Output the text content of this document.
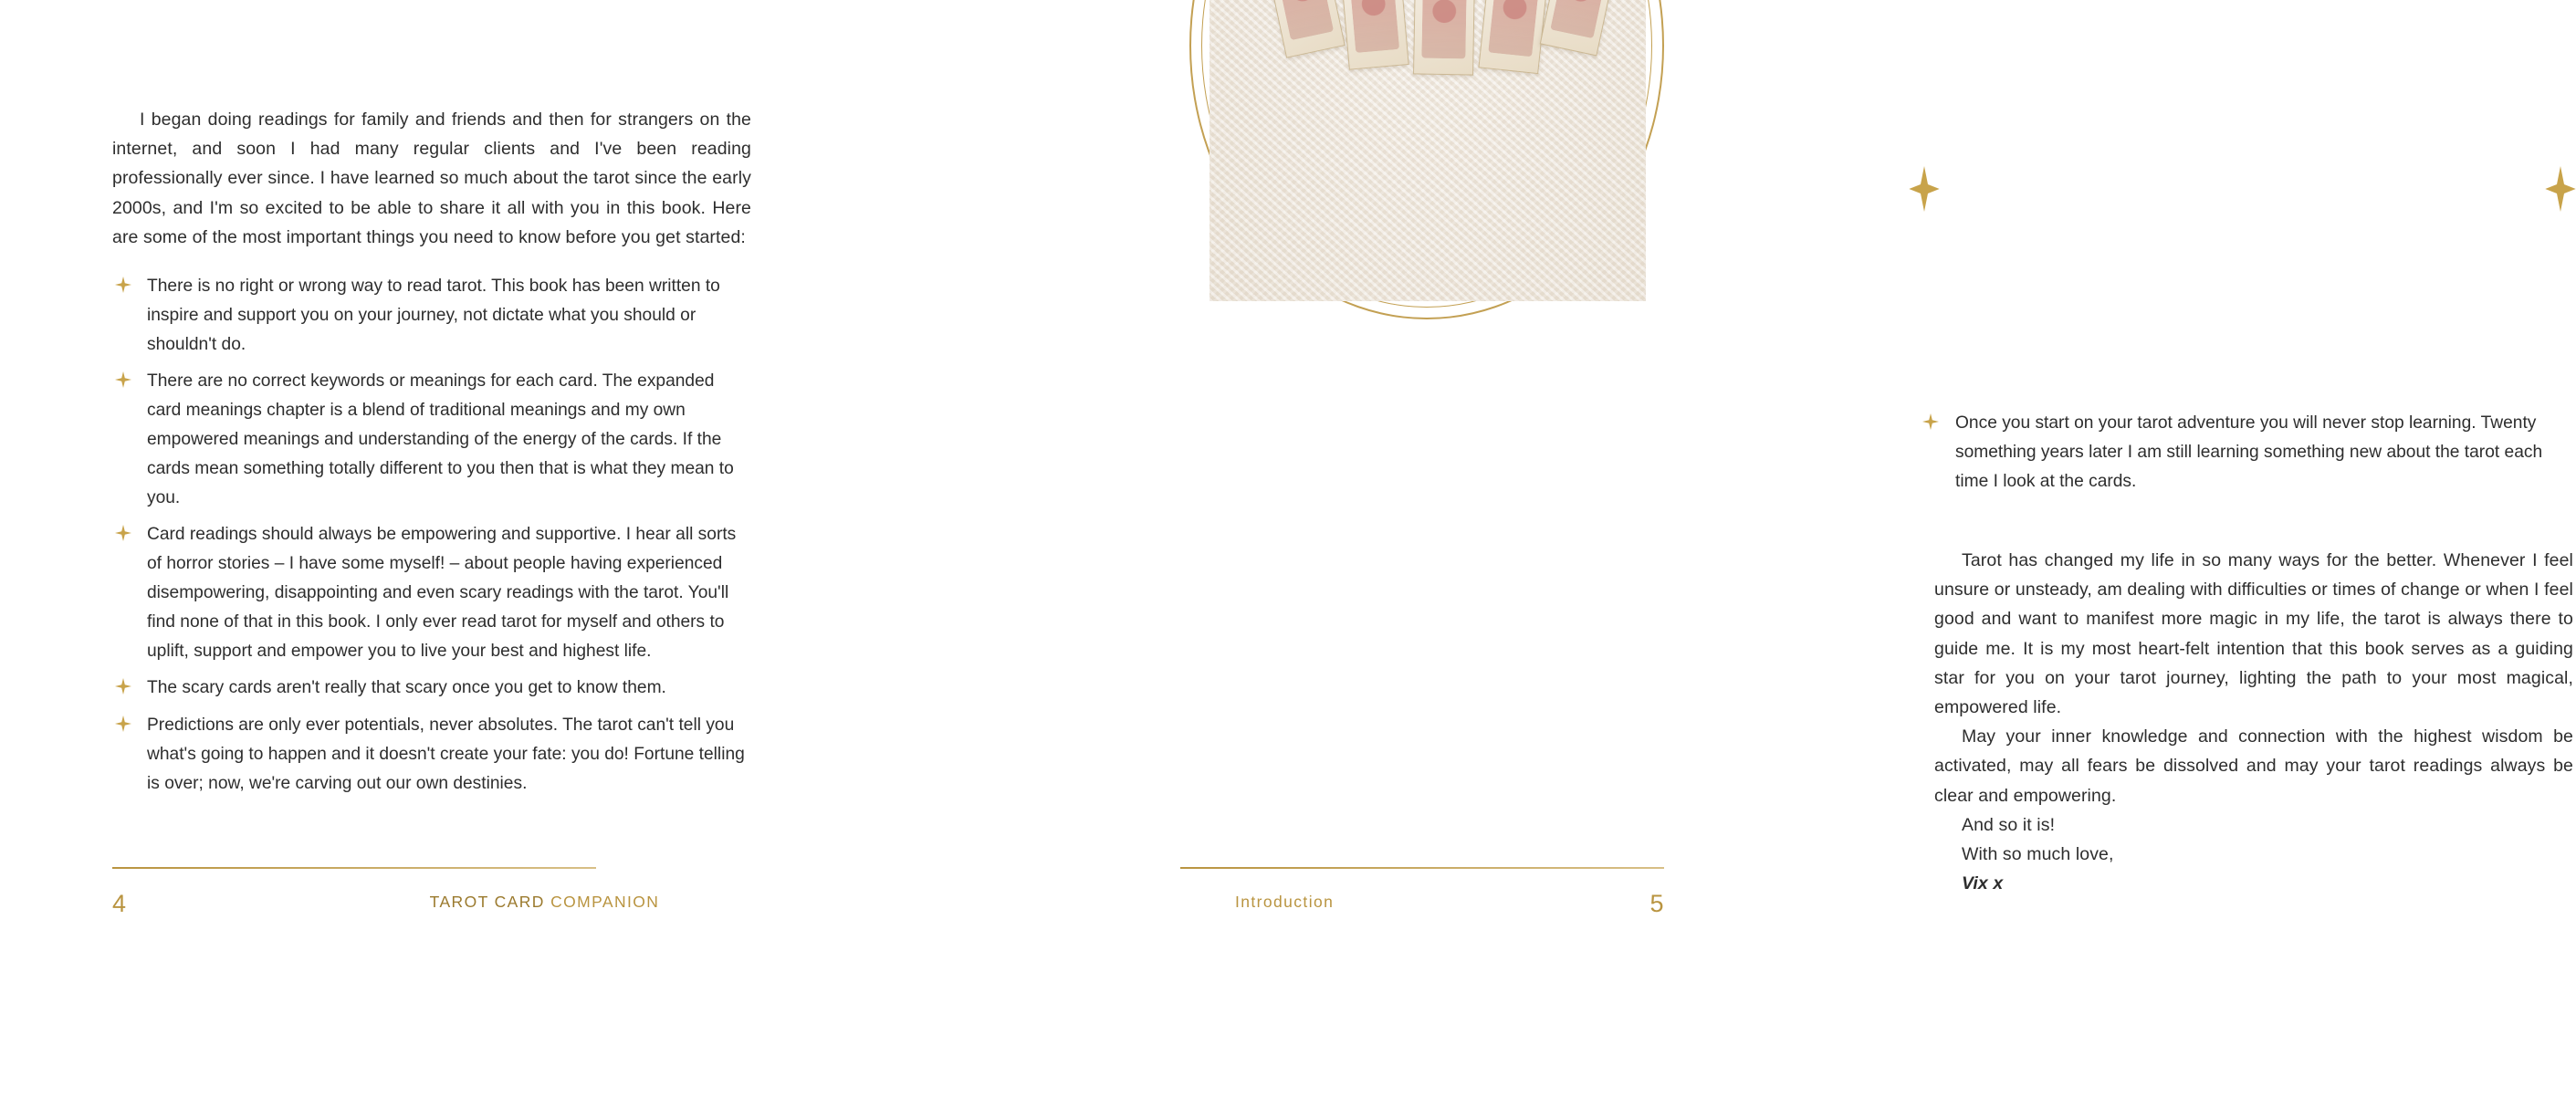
I began doing readings for family and friends and then for strangers on the internet, and soon I had many regular clients and I've been reading professionally ever since. I have learned so much about the tarot since the early 2000s, and I'm so excited to be able to share it all with you in this book. Here are some of the most important things you need to know before you get started:

There is no right or wrong way to read tarot. This book has been written to inspire and support you on your journey, not dictate what you should or shouldn't do.
There are no correct keywords or meanings for each card. The expanded card meanings chapter is a blend of traditional meanings and my own empowered meanings and understanding of the energy of the cards. If the cards mean something totally different to you then that is what they mean to you.
Card readings should always be empowering and supportive. I hear all sorts of horror stories – I have some myself! – about people having experienced disempowering, disappointing and even scary readings with the tarot. You'll find none of that in this book. I only ever read tarot for myself and others to uplift, support and empower you to live your best and highest life.
The scary cards aren't really that scary once you get to know them.
Predictions are only ever potentials, never absolutes. The tarot can't tell you what's going to happen and it doesn't create your fate: you do! Fortune telling is over; now, we're carving out our own destinies.
4	TAROT CARD COMPANION
Once you start on your tarot adventure you will never stop learning. Twenty something years later I am still learning something new about the tarot each time I look at the cards.

Tarot has changed my life in so many ways for the better. Whenever I feel unsure or unsteady, am dealing with difficulties or times of change or when I feel good and want to manifest more magic in my life, the tarot is always there to guide me. It is my most heart-felt intention that this book serves as a guiding star for you on your tarot journey, lighting the path to your most magical, empowered life.

May your inner knowledge and connection with the highest wisdom be activated, may all fears be dissolved and may your tarot readings always be clear and empowering.

And so it is!

With so much love,

Vix x

5
Introduction
